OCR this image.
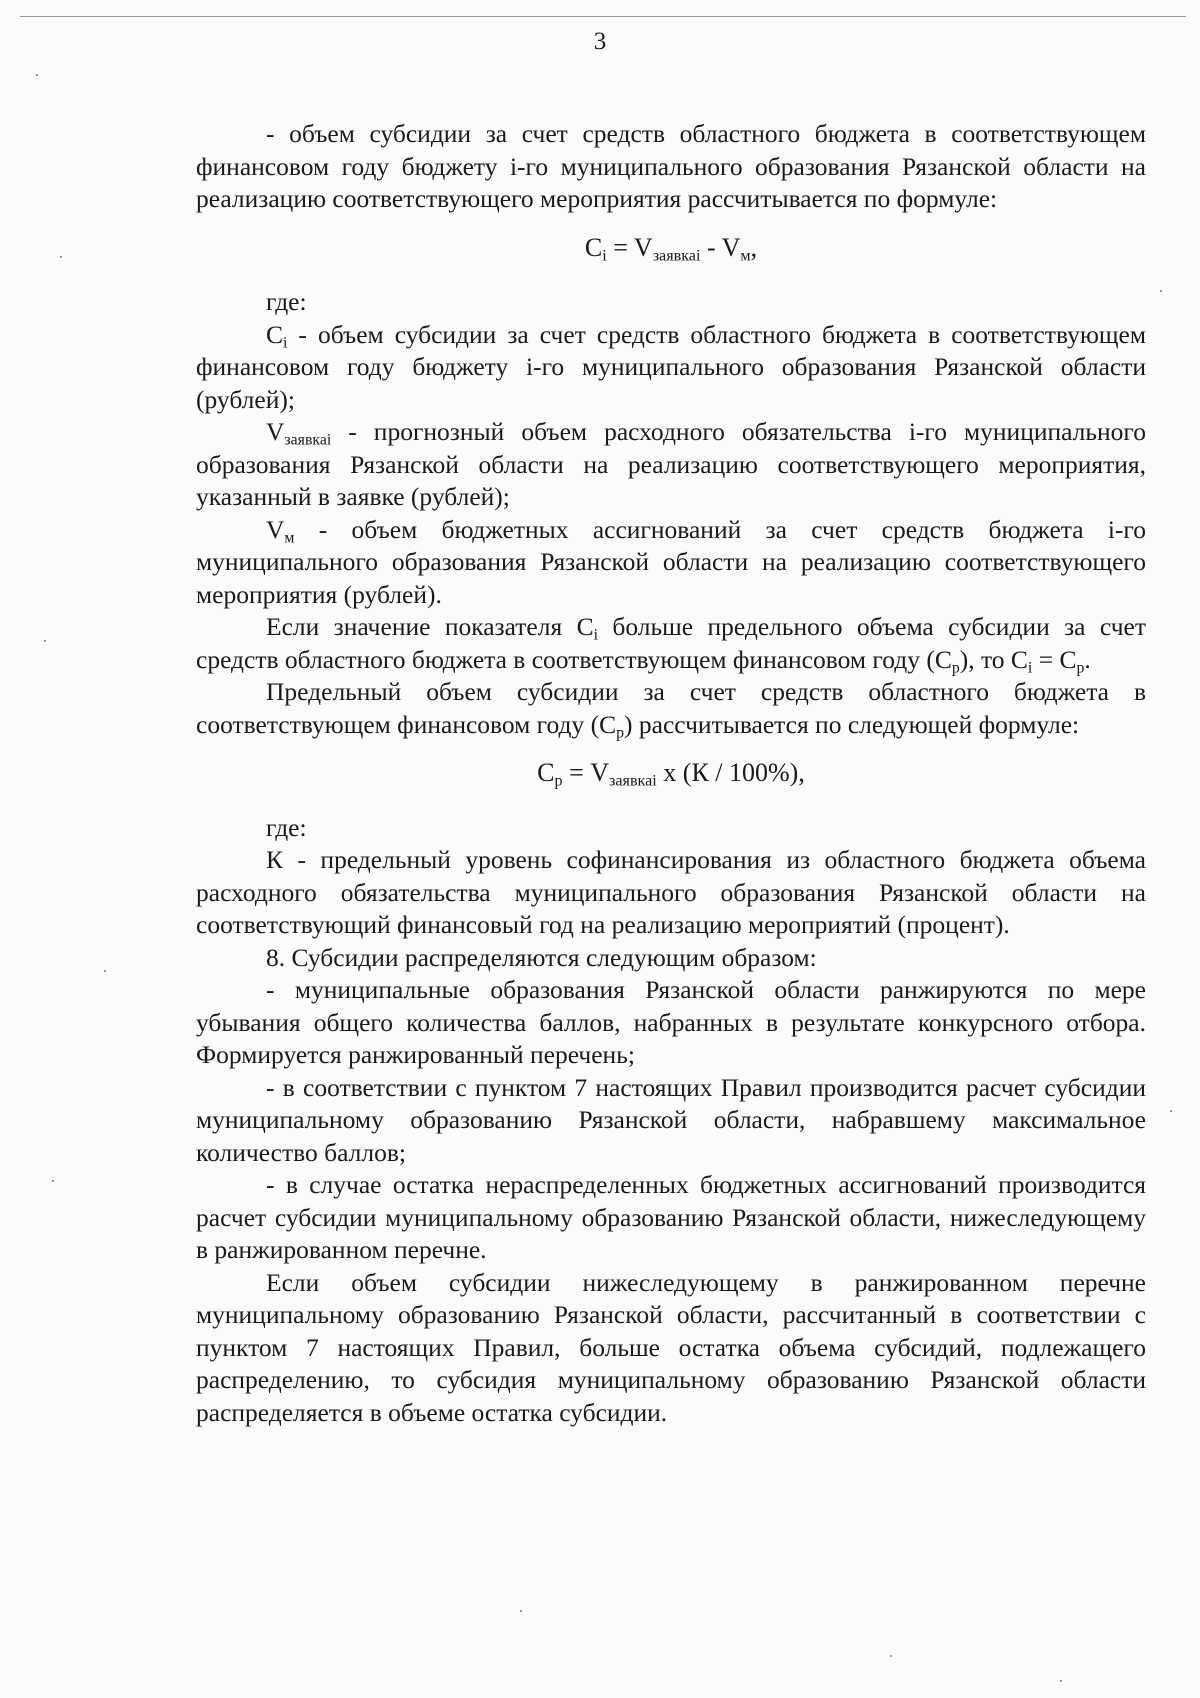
3

- объем субсидии за счет средств областного бюджета в соответствующем финансовом году бюджету i-го муниципального образования Рязанской области на реализацию соответствующего мероприятия рассчитывается по формуле:

$C_i = V_{заявкаi} - V_м$,

где:

$C_i$ - объем субсидии за счет средств областного бюджета в соответствующем финансовом году бюджету i-го муниципального образования Рязанской области (рублей);

$V_{заявкаi}$ - прогнозный объем расходного обязательства i-го муниципального образования Рязанской области на реализацию соответствующего мероприятия, указанный в заявке (рублей);

$V_м$ - объем бюджетных ассигнований за счет средств бюджета i-го муниципального образования Рязанской области на реализацию соответствующего мероприятия (рублей).

Если значение показателя $C_i$ больше предельного объема субсидии за счет средств областного бюджета в соответствующем финансовом году $(C_р)$, то $C_i = C_р$.

Предельный объем субсидии за счет средств областного бюджета в соответствующем финансовом году $(C_р)$ рассчитывается по следующей формуле:

$C_р = V_{заявкаi}$ x (К / 100%),

где:

К - предельный уровень софинансирования из областного бюджета объема расходного обязательства муниципального образования Рязанской области на соответствующий финансовый год на реализацию мероприятий (процент).

8. Субсидии распределяются следующим образом:

- муниципальные образования Рязанской области ранжируются по мере убывания общего количества баллов, набранных в результате конкурсного отбора. Формируется ранжированный перечень;

- в соответствии с пунктом 7 настоящих Правил производится расчет субсидии муниципальному образованию Рязанской области, набравшему максимальное количество баллов;

- в случае остатка нераспределенных бюджетных ассигнований производится расчет субсидии муниципальному образованию Рязанской области, нижеследующему в ранжированном перечне.

Если объем субсидии нижеследующему в ранжированном перечне муниципальному образованию Рязанской области, рассчитанный в соответствии с пунктом 7 настоящих Правил, больше остатка объема субсидий, подлежащего распределению, то субсидия муниципальному образованию Рязанской области распределяется в объеме остатка субсидии.
